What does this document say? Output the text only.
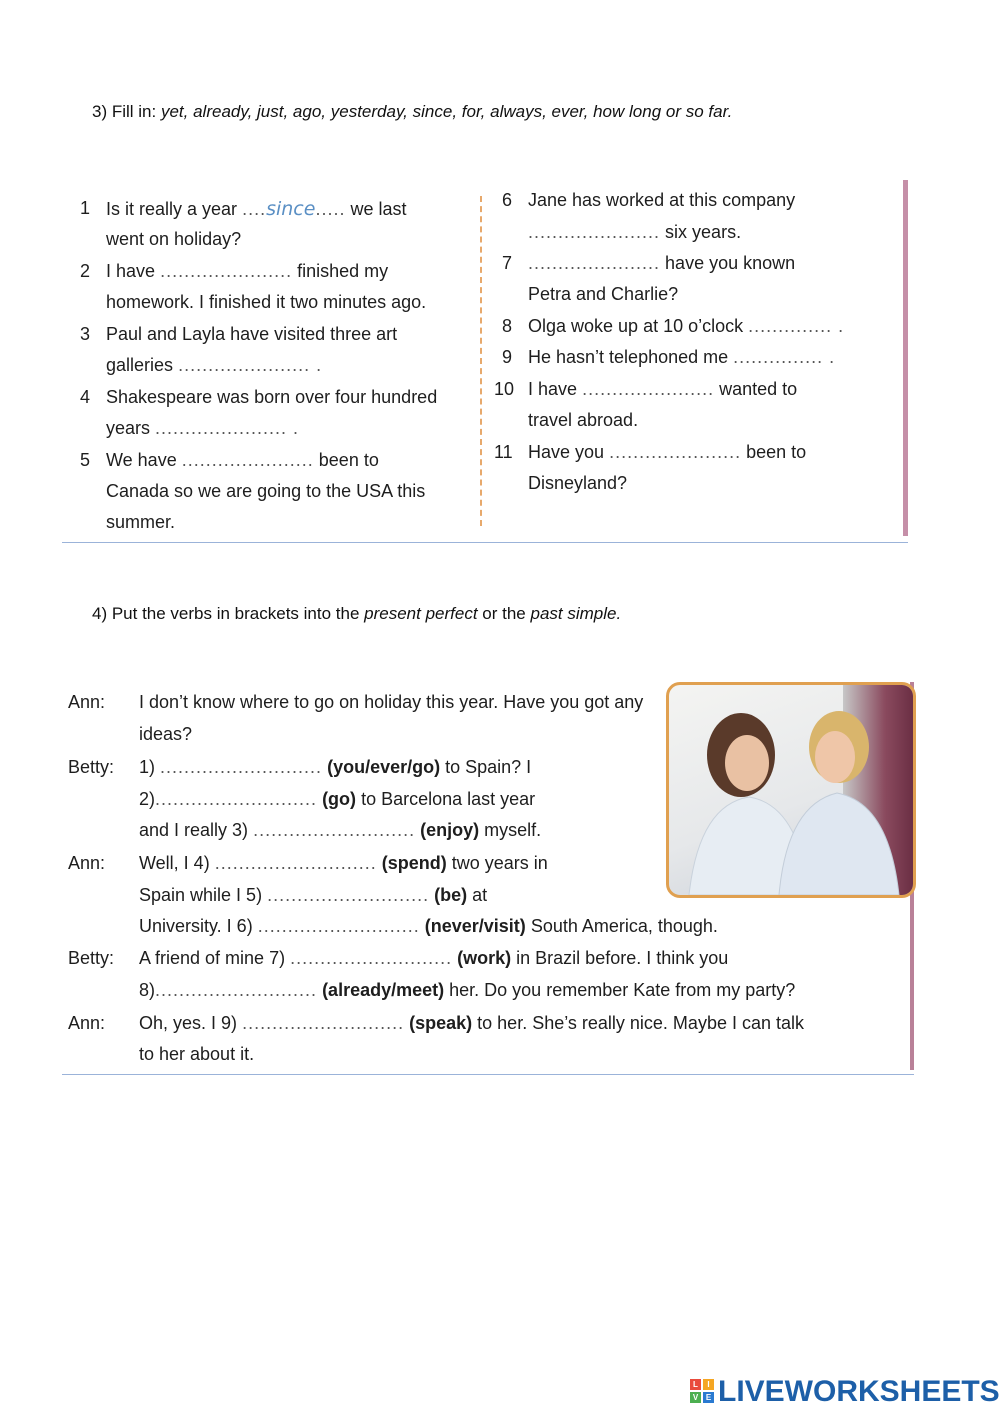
3) Fill in: yet, already, just, ago, yesterday, since, for, always, ever, how long or so far.
1 Is it really a year ....since..... we last
went on holiday?
2 I have ...................... finished my
homework. I finished it two minutes ago.
3 Paul and Layla have visited three art
galleries ...................... .
4 Shakespeare was born over four hundred
years ...................... .
5 We have ...................... been to
Canada so we are going to the USA this
summer.
6 Jane has worked at this company
...................... six years.
7 ...................... have you known
Petra and Charlie?
8 Olga woke up at 10 o’clock .............. .
9 He hasn’t telephoned me ............... .
10 I have ...................... wanted to
travel abroad.
11 Have you ...................... been to
Disneyland?
4) Put the verbs in brackets into the present perfect or the past simple.
Ann: I don’t know where to go on holiday this year. Have you got any
ideas?
Betty: 1) ........................... (you/ever/go) to Spain? I
2)........................... (go) to Barcelona last year
and I really 3) ........................... (enjoy) myself.
Ann: Well, I 4) ........................... (spend) two years in
Spain while I 5) ........................... (be) at
University. I 6) ........................... (never/visit) South America, though.
Betty: A friend of mine 7) ........................... (work) in Brazil before. I think you
8)........................... (already/meet) her. Do you remember Kate from my party?
Ann: Oh, yes. I 9) ........................... (speak) to her. She’s really nice. Maybe I can talk
to her about it.
L	I
V E LIVEWORKSHEETS
